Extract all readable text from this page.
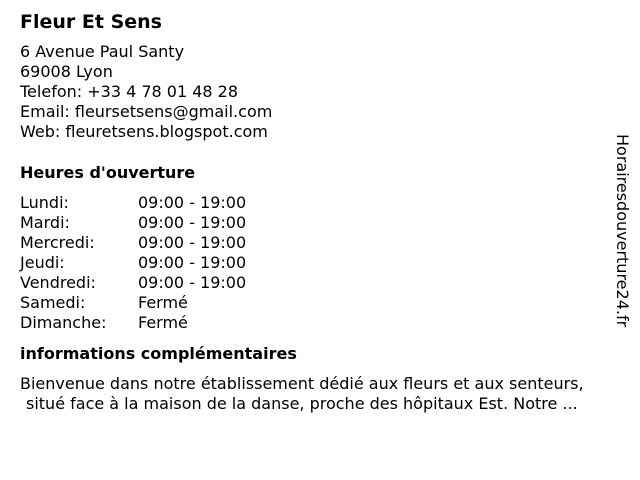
Fleur Et Sens
6 Avenue Paul Santy
69008 Lyon
Telefon: +33 4 78 01 48 28
Email: fleursetsens@gmail.com
Web: fleuretsens.blogspot.com
Heures d'ouverture
Lundi:	09:00 - 19:00
Mardi:	09:00 - 19:00
Mercredi:	09:00 - 19:00
Jeudi:	09:00 - 19:00
Vendredi:	09:00 - 19:00
Samedi:	Fermé
Dimanche:	Fermé
informations complémentaires
Bienvenue dans notre établissement dédié aux fleurs et aux senteurs,
situé face à la maison de la danse, proche des hôpitaux Est. Notre ...
Horairesdouverture24.fr
